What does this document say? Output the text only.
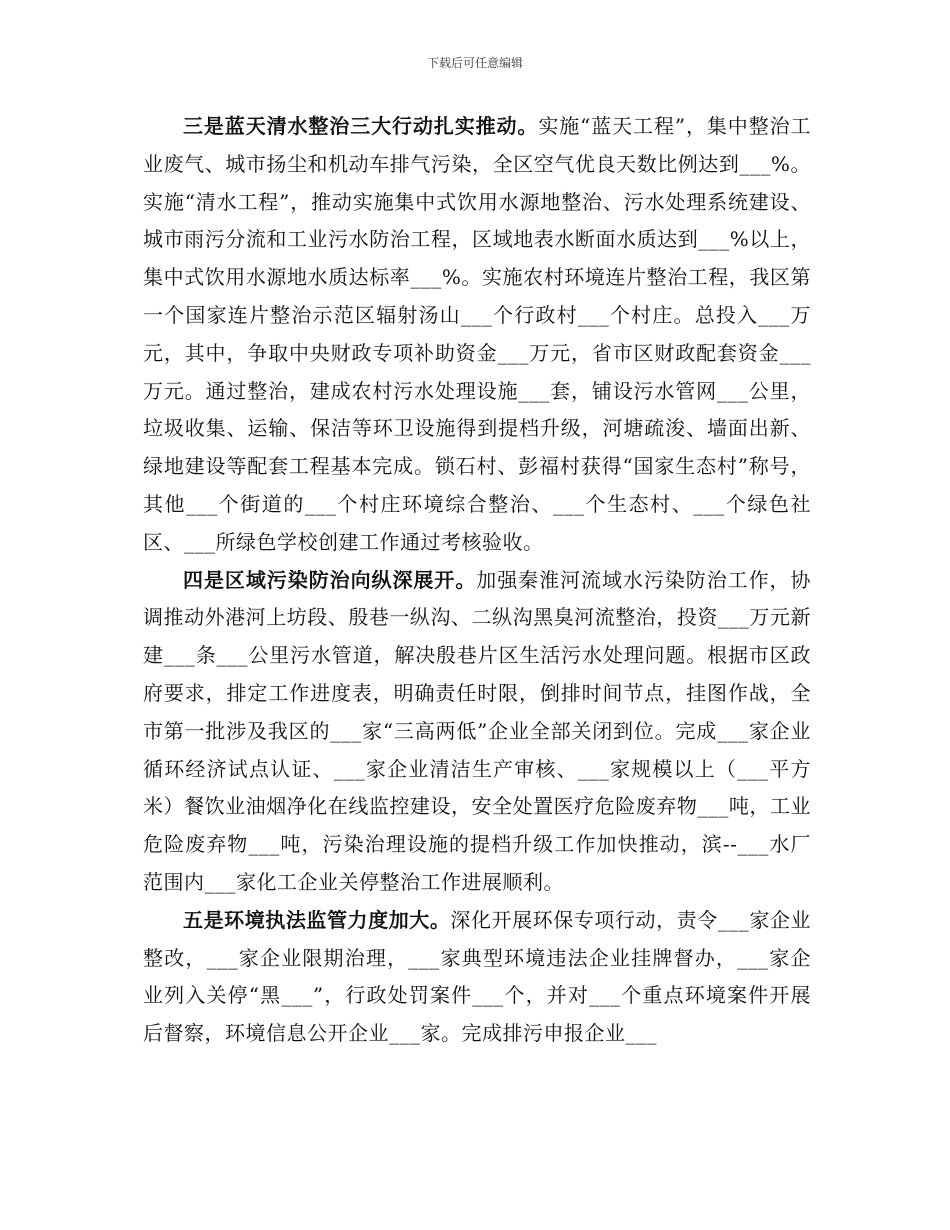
下载后可任意编辑

三是蓝天清水整治三大行动扎实推动。实施“蓝天工程”，集中整治工业废气、城市扬尘和机动车排气污染，全区空气优良天数比例达到___%。实施“清水工程”，推动实施集中式饮用水源地整治、污水处理系统建设、城市雨污分流和工业污水防治工程，区域地表水断面水质达到___%以上，集中式饮用水源地水质达标率___%。实施农村环境连片整治工程，我区第一个国家连片整治示范区辐射汤山___个行政村___个村庄。总投入___万元，其中，争取中央财政专项补助资金___万元，省市区财政配套资金___万元。通过整治，建成农村污水处理设施___套，铺设污水管网___公里，垃圾收集、运输、保洁等环卫设施得到提档升级，河塘疏浚、墙面出新、绿地建设等配套工程基本完成。锁石村、彭福村获得“国家生态村”称号，其他___个街道的___个村庄环境综合整治、___个生态村、___个绿色社区、___所绿色学校创建工作通过考核验收。

四是区域污染防治向纵深展开。加强秦淮河流域水污染防治工作，协调推动外港河上坊段、殷巷一纵沟、二纵沟黑臭河流整治，投资___万元新建___条___公里污水管道，解决殷巷片区生活污水处理问题。根据市区政府要求，排定工作进度表，明确责任时限，倒排时间节点，挂图作战，全市第一批涉及我区的___家“三高两低”企业全部关闭到位。完成___家企业循环经济试点认证、___家企业清洁生产审核、___家规模以上（___平方米）餐饮业油烟净化在线监控建设，安全处置医疗危险废弃物___吨，工业危险废弃物___吨，污染治理设施的提档升级工作加快推动，滨--___水厂范围内___家化工企业关停整治工作进展顺利。

五是环境执法监管力度加大。深化开展环保专项行动，责令___家企业整改，___家企业限期治理，___家典型环境违法企业挂牌督办，___家企业列入关停“黑___”，行政处罚案件___个，并对___个重点环境案件开展后督察，环境信息公开企业___家。完成排污申报企业___
